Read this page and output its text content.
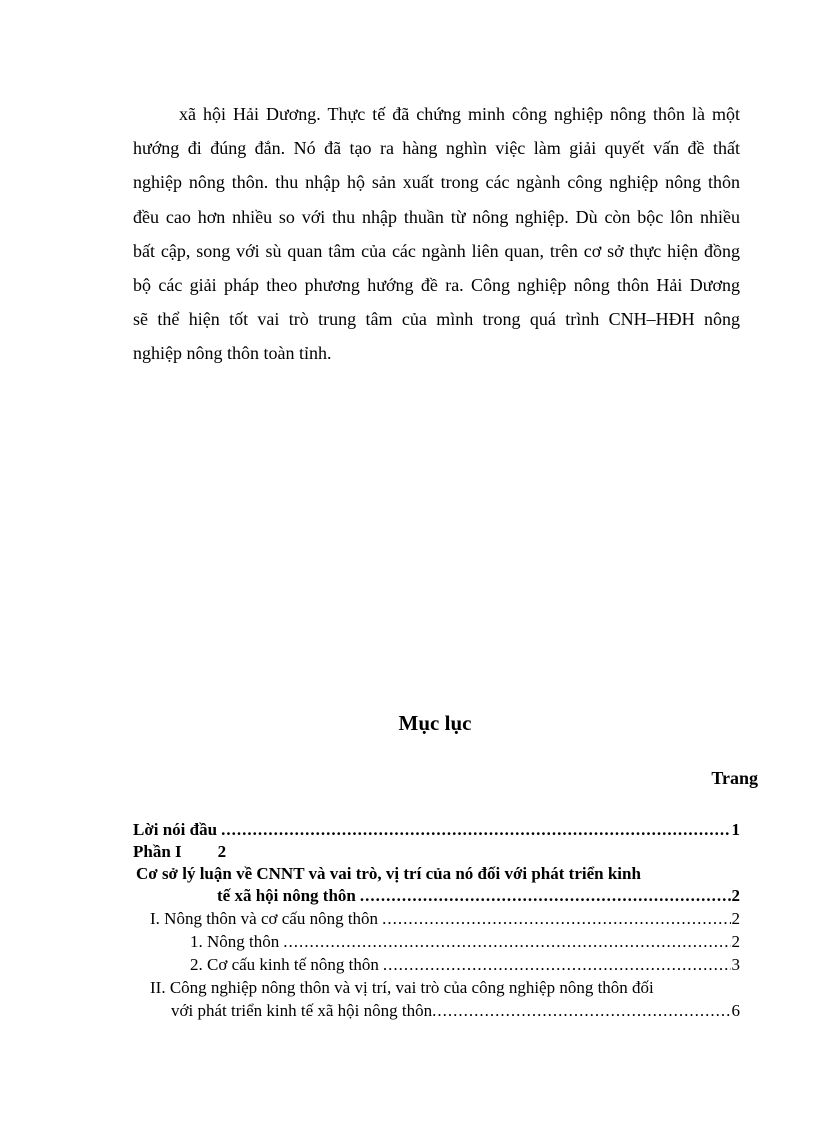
xã hội Hải Dương. Thực tế đã chứng minh công nghiệp nông thôn là một
hướng đi đúng đắn. Nó đã tạo ra hàng nghìn việc làm giải quyết vấn đề thất
nghiệp nông thôn. thu nhập hộ sản xuất trong các ngành công nghiệp nông thôn
đều cao hơn nhiều so với thu nhập thuần từ nông nghiệp. Dù còn bộc lôn nhiều
bất cập, song với sù quan tâm của các ngành liên quan, trên cơ sở thực hiện đồng
bộ các giải pháp theo phương hướng đề ra. Công nghiệp nông thôn Hải Dương
sẽ thể hiện tốt vai trò trung tâm của mình trong quá trình CNH–HĐH nông
nghiệp nông thôn toàn tỉnh.
Mục lục
Trang
Lời nói đầu .....	1
Phần I 2
Cơ sở lý luận về CNNT và vai trò, vị trí của nó đối với phát triển kinh
tế xã hội nông thôn .....	2
I. Nông thôn và cơ cấu nông thôn .....	2
1. Nông thôn .....	2
2. Cơ cấu kinh tế nông thôn .....	3
II. Công nghiệp nông thôn và vị trí, vai trò của công nghiệp nông thôn đối
với phát triển kinh tế xã hội nông thôn .....	6
